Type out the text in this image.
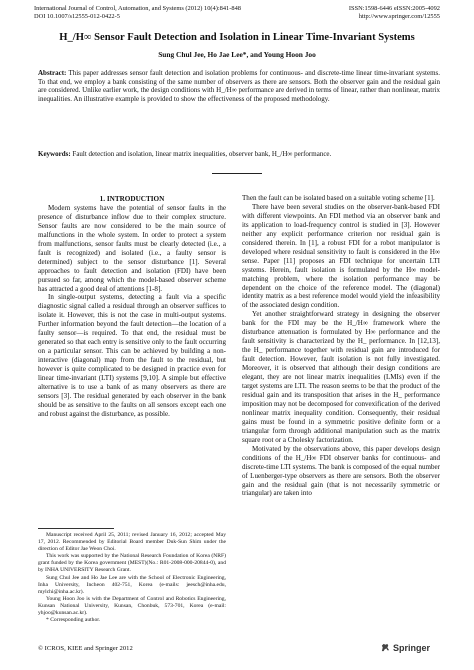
International Journal of Control, Automation, and Systems (2012) 10(4):841-848
DOI 10.1007/s12555-012-0422-5
ISSN:1598-6446 eISSN:2005-4092
http://www.springer.com/12555
H_/H∞ Sensor Fault Detection and Isolation in Linear Time-Invariant Systems
Sung Chul Jee, Ho Jae Lee*, and Young Hoon Joo

Abstract: This paper addresses sensor fault detection and isolation problems for continuous- and discrete-time linear time-invariant systems. To that end, we employ a bank consisting of the same number of observers as there are sensors. Both the observer gain and the residual gain are considered. Unlike earlier work, the design conditions with H_/H∞ performance are derived in terms of linear, rather than nonlinear, matrix inequalities. An illustrative example is provided to show the effectiveness of the proposed methodology.

Keywords: Fault detection and isolation, linear matrix inequalities, observer bank, H_/H∞ performance.

1. INTRODUCTION

Modern systems have the potential of sensor faults in the presence of disturbance inflow due to their complex structure. Sensor faults are now considered to be the main source of malfunctions in the whole system. In order to protect a system from malfunctions, sensor faults must be clearly detected (i.e., a fault is recognized) and isolated (i.e., a faulty sensor is determined) subject to the sensor disturbance [1]. Several approaches to fault detection and isolation (FDI) have been pursued so far, among which the model-based observer scheme has attracted a good deal of attentions [1-8].

In single-output systems, detecting a fault via a specific diagnostic signal called a residual through an observer suffices to isolate it. However, this is not the case in multi-output systems. Further information beyond the fault detection—the location of a faulty sensor—is required. To that end, the residual must be generated so that each entry is sensitive only to the fault occurring on a particular sensor. This can be achieved by building a non-interactive (diagonal) map from the fault to the residual, but however is quite complicated to be designed in practice even for linear time-invariant (LTI) systems [9,10]. A simple but effective alternative is to use a bank of as many observers as there are sensors [3]. The residual generated by each observer in the bank should be as sensitive to the faults on all sensors except each one and robust against the disturbance, as possible.

Then the fault can be isolated based on a suitable voting scheme [1].

There have been several studies on the observer-bank-based FDI with different viewpoints. An FDI method via an observer bank and its application to load-frequency control is studied in [3]. However neither any explicit performance criterion nor residual gain is considered therein. In [1], a robust FDI for a robot manipulator is developed where residual sensitivity to fault is considered in the H∞ sense. Paper [11] proposes an FDI technique for uncertain LTI systems. Herein, fault isolation is formulated by the H∞ model-matching problem, where the isolation performance may be dependent on the choice of the reference model. The (diagonal) identity matrix as a best reference model would yield the infeasibility of the associated design condition.

Yet another straightforward strategy in designing the observer bank for the FDI may be the H_/H∞ framework where the disturbance attenuation is formulated by H∞ performance and the fault sensitivity is characterized by the H_ performance. In [12,13], the H_ performance together with residual gain are introduced for fault detection. However, fault isolation is not fully investigated. Moreover, it is observed that although their design conditions are elegant, they are not linear matrix inequalities (LMIs) even if the target systems are LTI. The reason seems to be that the product of the residual gain and its transposition that arises in the H_ performance imposition may not be decomposed for convexification of the derived nonlinear matrix inequality condition. Consequently, their residual gains must be found in a symmetric positive definite form or a triangular form through additional manipulation such as the matrix square root or a Cholesky factorization.

Motivated by the observations above, this paper develops design conditions of the H_/H∞ FDI observer banks for continuous- and discrete-time LTI systems. The bank is composed of the equal number of Luenberger-type observers as there are sensors. Both the observer gain and the residual gain (that is not necessarily symmetric or triangular) are taken into

Manuscript received April 25, 2011; revised January 16, 2012; accepted May 17, 2012. Recommended by Editorial Board member Duk-Sun Shim under the direction of Editor Jae Weon Choi.

This work was supported by the National Research Foundation of Korea (NRF) grant funded by the Korea government (MEST)(No.: R01-2008-000-20844-0), and by INHA UNIVERSITY Research Grant.

Sung Chul Jee and Ho Jae Lee are with the School of Electronic Engineering, Inha University, Incheon 402-751, Korea (e-mails: jeesch@inha.edu, mylchi@inha.ac.kr).

Young Hoon Joo is with the Department of Control and Robotics Engineering, Kunsan National University, Kunsan, Chonbuk, 573-701, Korea (e-mail: yhjoo@kunsan.ac.kr).

* Corresponding author.

© ICROS, KIEE and Springer 2012	Springer
